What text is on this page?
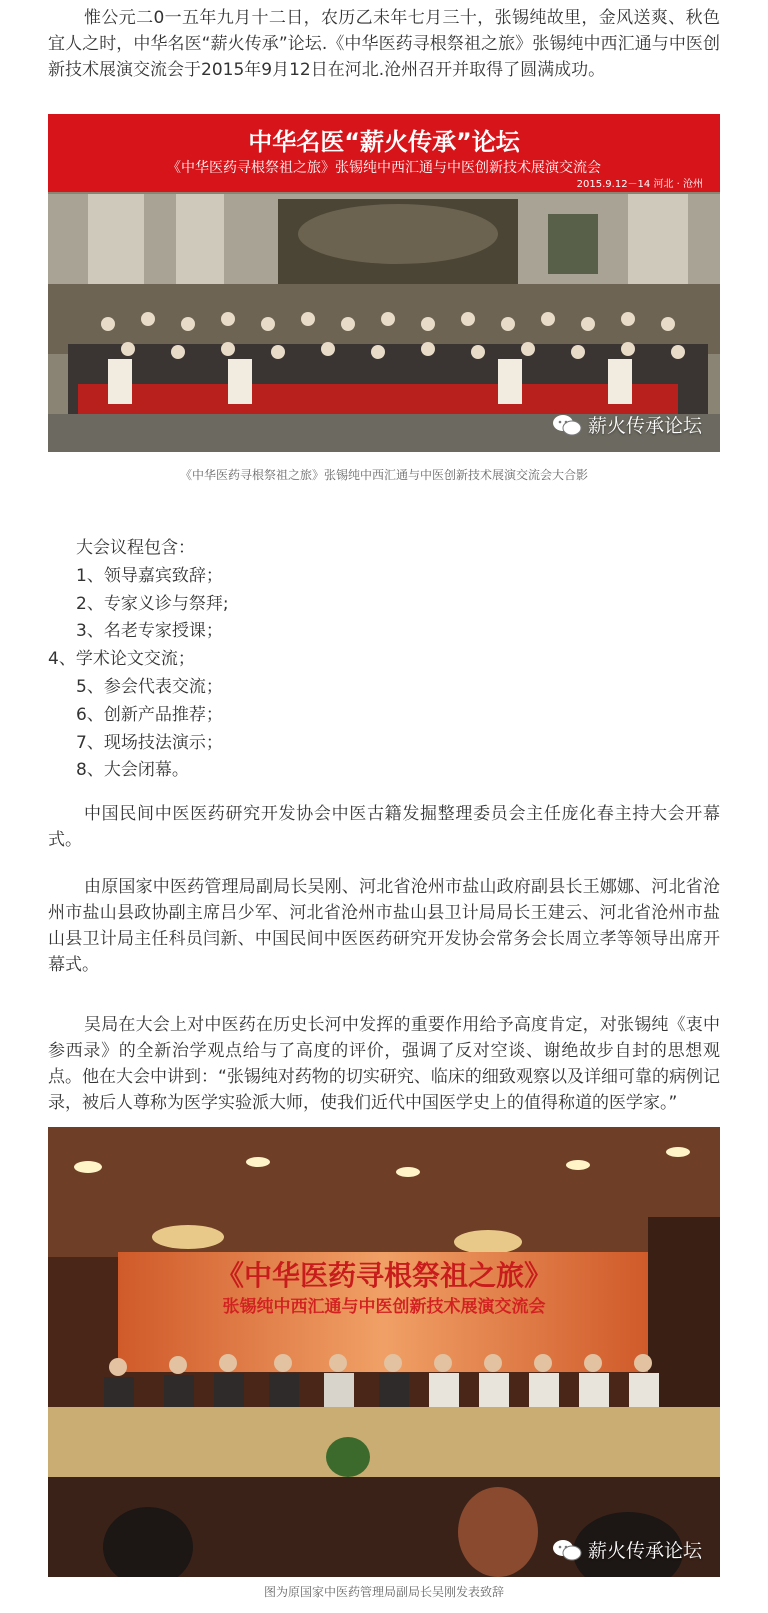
惟公元二0一五年九月十二日，农历乙未年七月三十，张锡纯故里，金风送爽、秋色宜人之时，中华名医“薪火传承”论坛.《中华医药寻根祭祖之旅》张锡纯中西汇通与中医创新技术展演交流会于2015年9月12日在河北.沧州召开并取得了圆满成功。

中华名医“薪火传承”论坛
《中华医药寻根祭祖之旅》张锡纯中西汇通与中医创新技术展演交流会
2015.9.12－14 河北 · 沧州
薪火传承论坛
《中华医药寻根祭祖之旅》张锡纯中西汇通与中医创新技术展演交流会大合影
大会议程包含：
1、领导嘉宾致辞；
2、专家义诊与祭拜;
3、名老专家授课；
4、学术论文交流；
5、参会代表交流；
6、创新产品推荐；
7、现场技法演示；
8、大会闭幕。

中国民间中医医药研究开发协会中医古籍发掘整理委员会主任庞化春主持大会开幕式。

由原国家中医药管理局副局长吴刚、河北省沧州市盐山政府副县长王娜娜、河北省沧州市盐山县政协副主席吕少军、河北省沧州市盐山县卫计局局长王建云、河北省沧州市盐山县卫计局主任科员闫新、中国民间中医医药研究开发协会常务会长周立孝等领导出席开幕式。

吴局在大会上对中医药在历史长河中发挥的重要作用给予高度肯定，对张锡纯《衷中参西录》的全新治学观点给与了高度的评价，强调了反对空谈、谢绝故步自封的思想观点。他在大会中讲到：“张锡纯对药物的切实研究、临床的细致观察以及详细可靠的病例记录，被后人尊称为医学实验派大师，使我们近代中国医学史上的值得称道的医学家。”

《中华医药寻根祭祖之旅》
张锡纯中西汇通与中医创新技术展演交流会
薪火传承论坛
图为原国家中医药管理局副局长吴刚发表致辞
